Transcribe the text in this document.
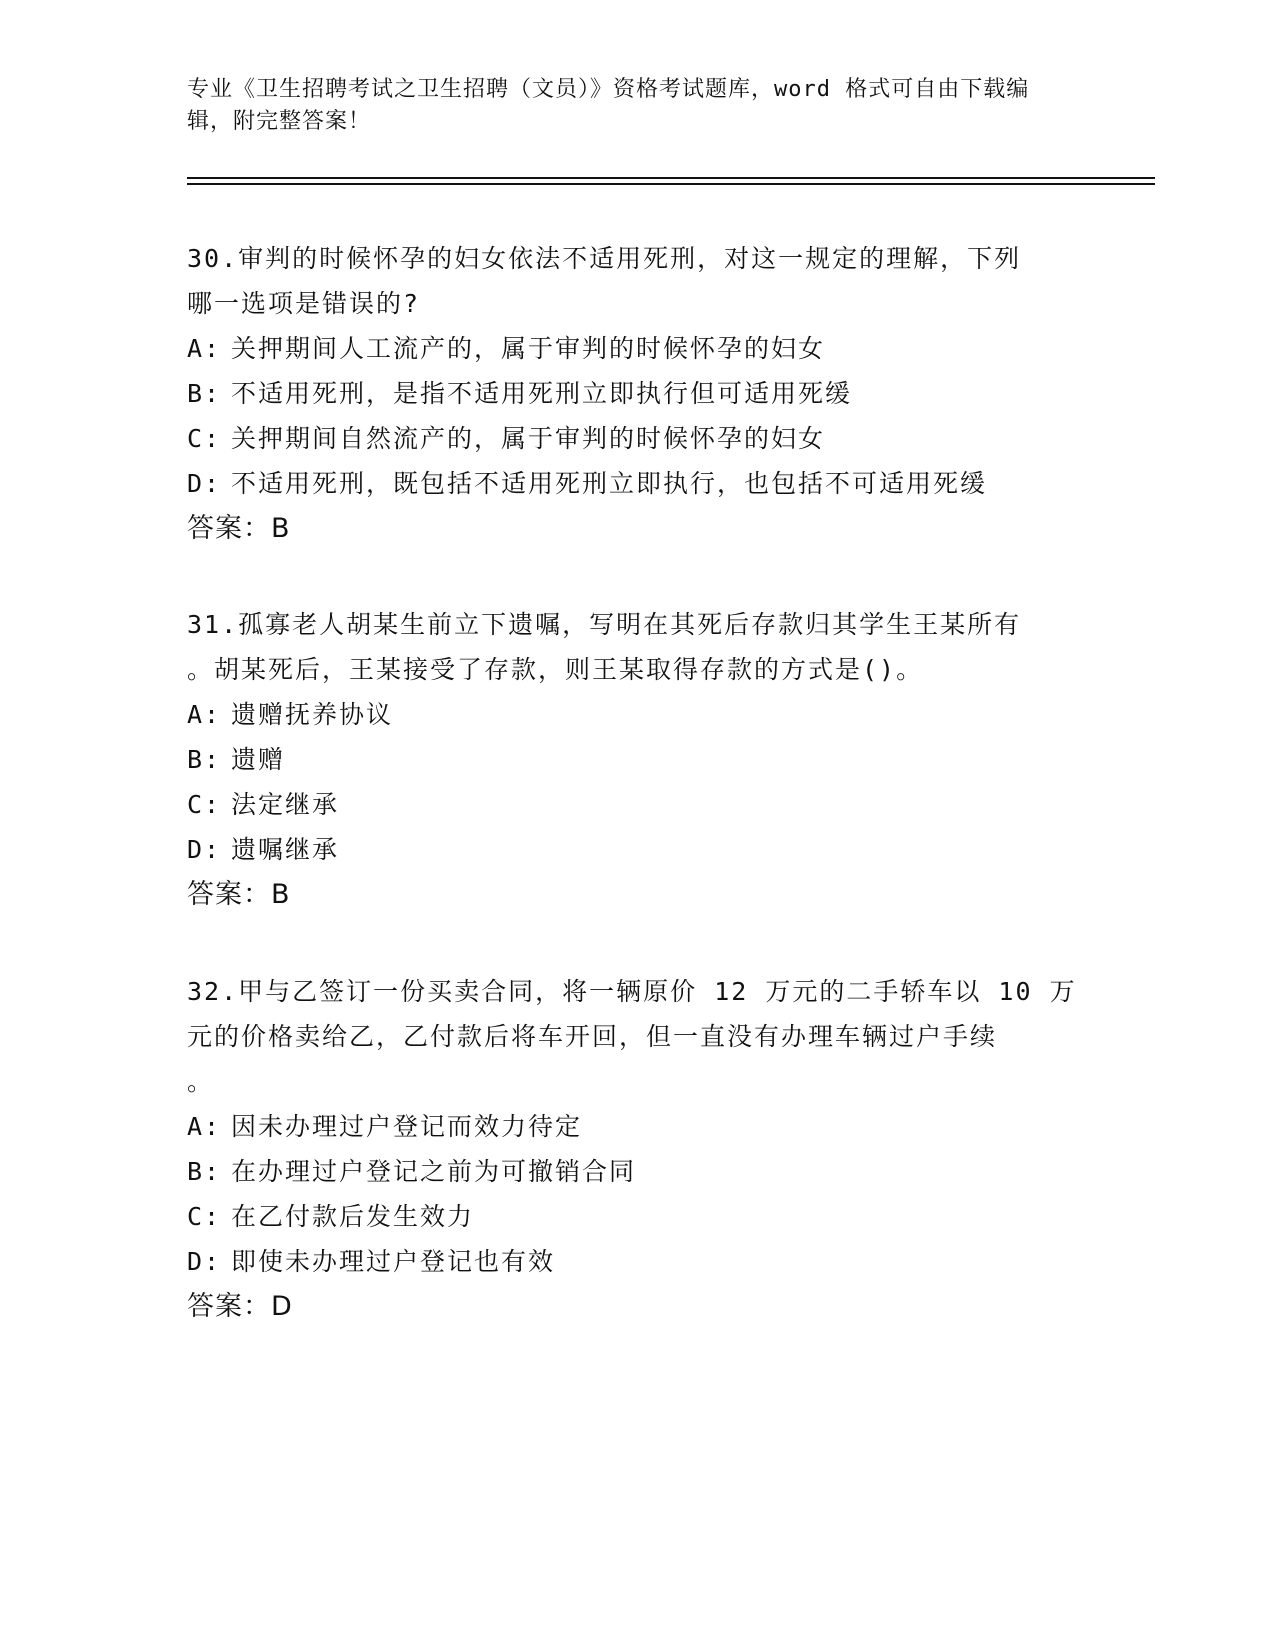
专业《卫生招聘考试之卫生招聘（文员）》资格考试题库，word 格式可自由下载编辑，附完整答案！

30.审判的时候怀孕的妇女依法不适用死刑，对这一规定的理解，下列

哪一选项是错误的?

A: 关押期间人工流产的，属于审判的时候怀孕的妇女

B: 不适用死刑，是指不适用死刑立即执行但可适用死缓

C: 关押期间自然流产的，属于审判的时候怀孕的妇女

D: 不适用死刑，既包括不适用死刑立即执行，也包括不可适用死缓

答案：B

31.孤寡老人胡某生前立下遗嘱，写明在其死后存款归其学生王某所有

。胡某死后，王某接受了存款，则王某取得存款的方式是()。

A: 遗赠抚养协议

B: 遗赠

C: 法定继承

D: 遗嘱继承

答案：B

32.甲与乙签订一份买卖合同，将一辆原价 12 万元的二手轿车以 10 万

元的价格卖给乙，乙付款后将车开回，但一直没有办理车辆过户手续

。

A: 因未办理过户登记而效力待定

B: 在办理过户登记之前为可撤销合同

C: 在乙付款后发生效力

D: 即使未办理过户登记也有效

答案：D
